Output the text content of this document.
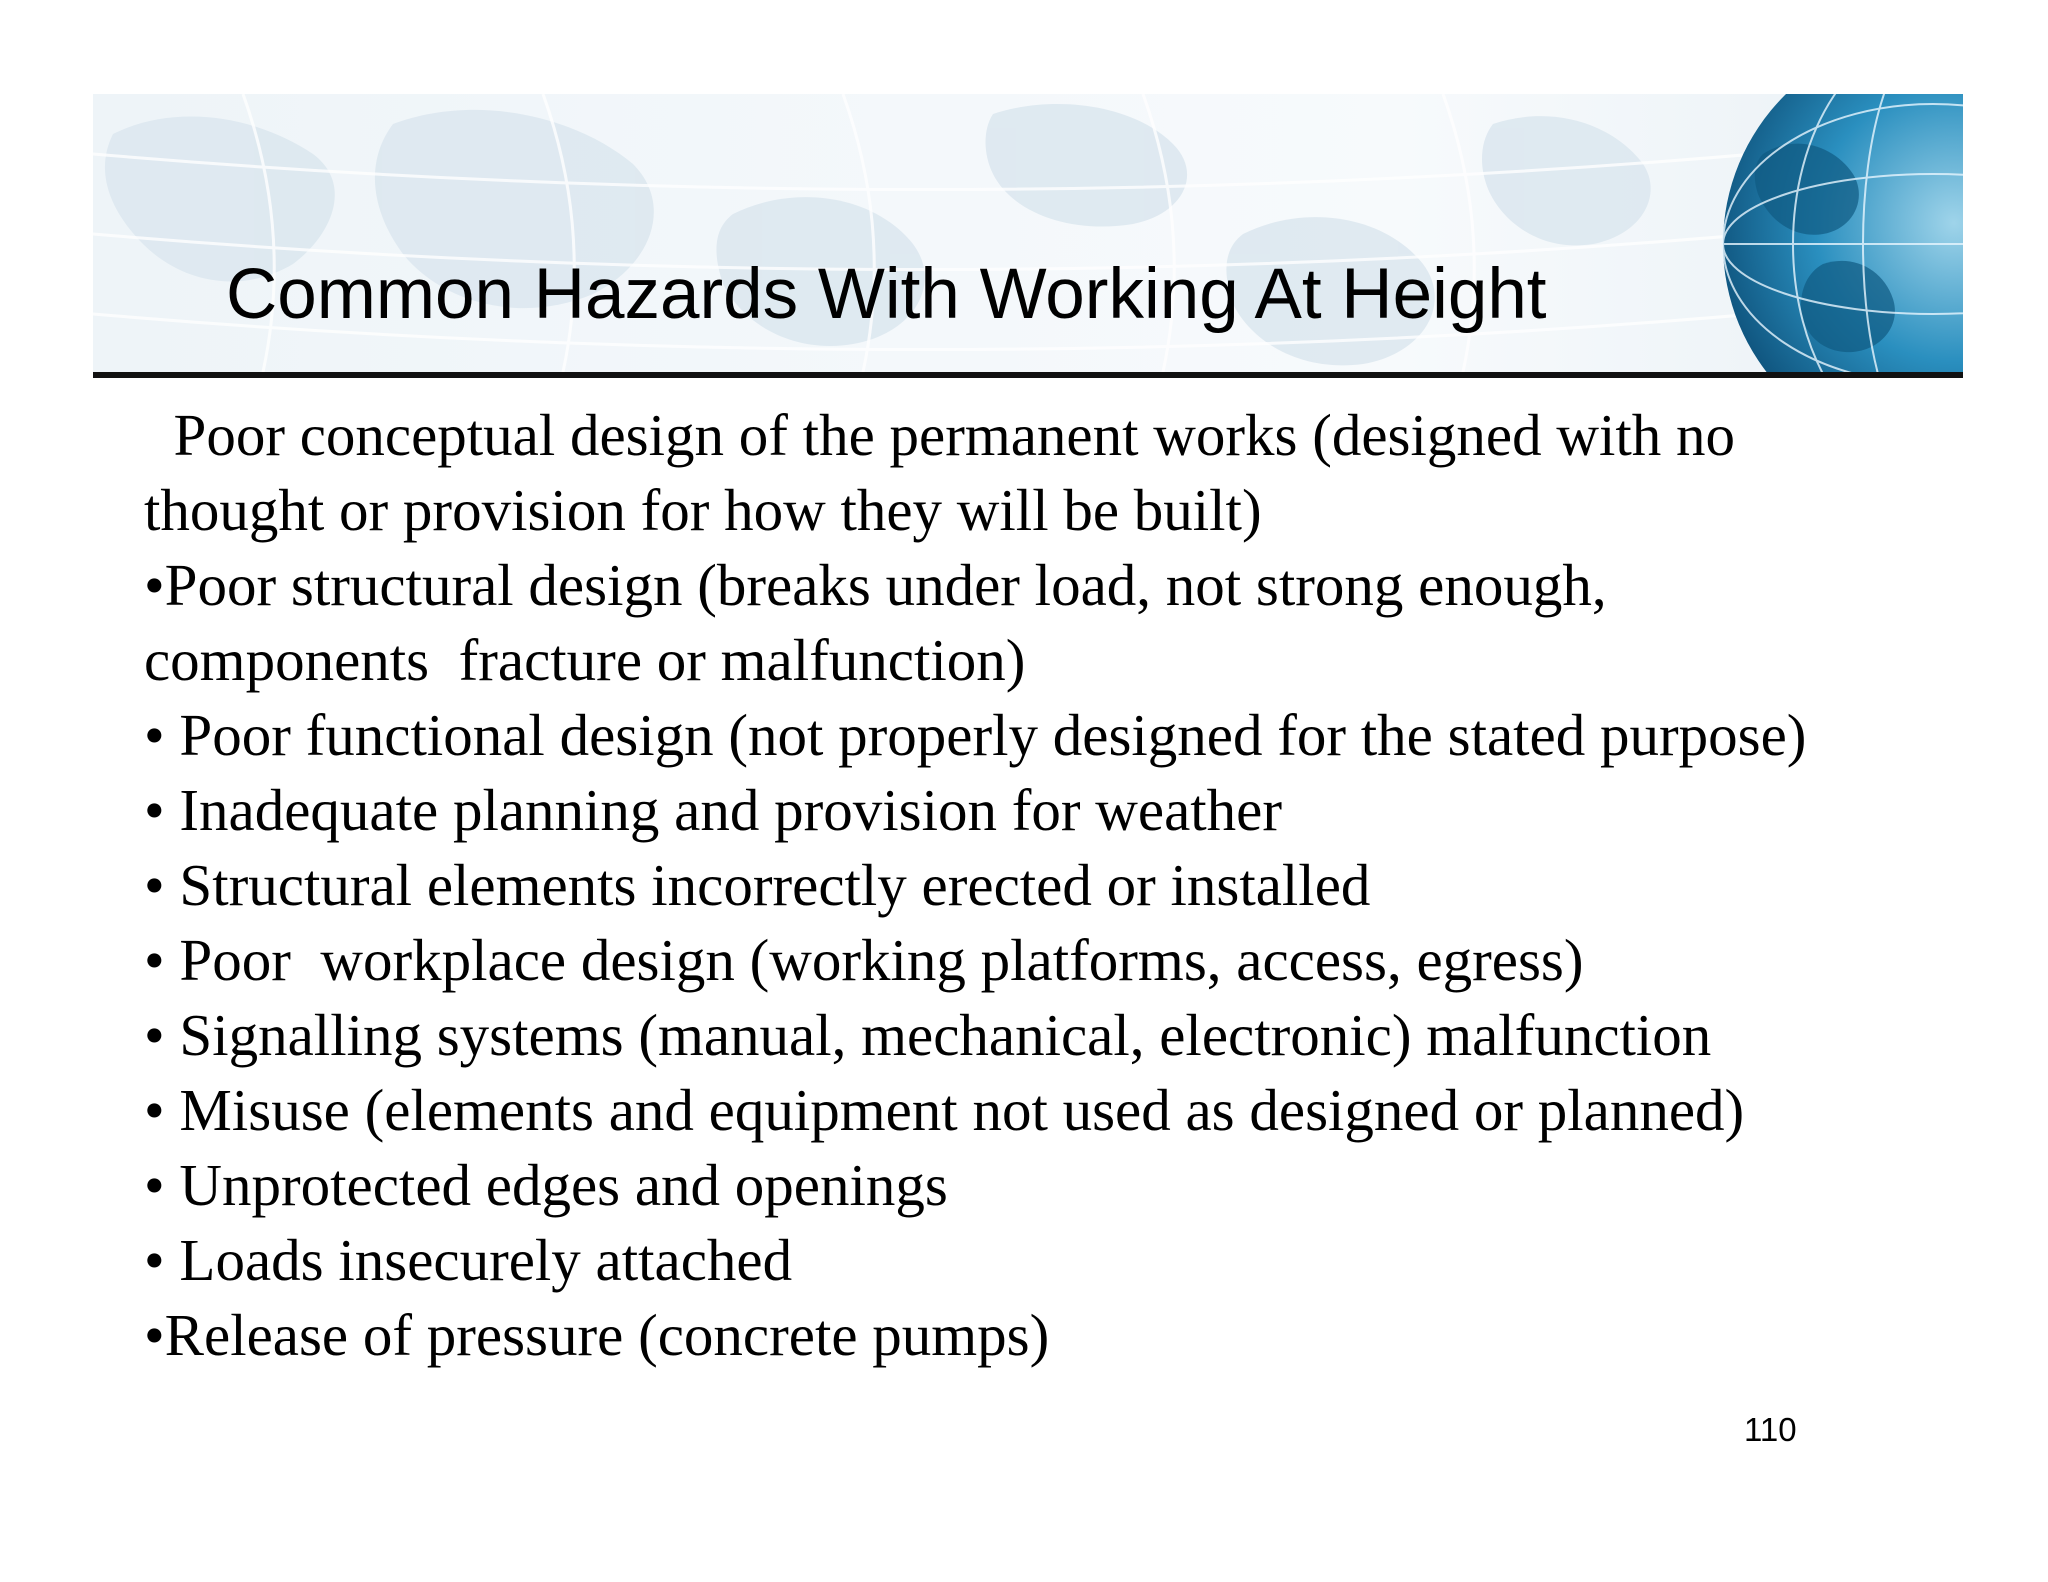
Common Hazards With Working At Height
Poor conceptual design of the permanent works (designed with no
thought or provision for how they will be built)
•Poor structural design (breaks under load, not strong enough,
components  fracture or malfunction)
• Poor functional design (not properly designed for the stated purpose)
• Inadequate planning and provision for weather
• Structural elements incorrectly erected or installed
• Poor  workplace design (working platforms, access, egress)
• Signalling systems (manual, mechanical, electronic) malfunction
• Misuse (elements and equipment not used as designed or planned)
• Unprotected edges and openings
• Loads insecurely attached
•Release of pressure (concrete pumps)
110
